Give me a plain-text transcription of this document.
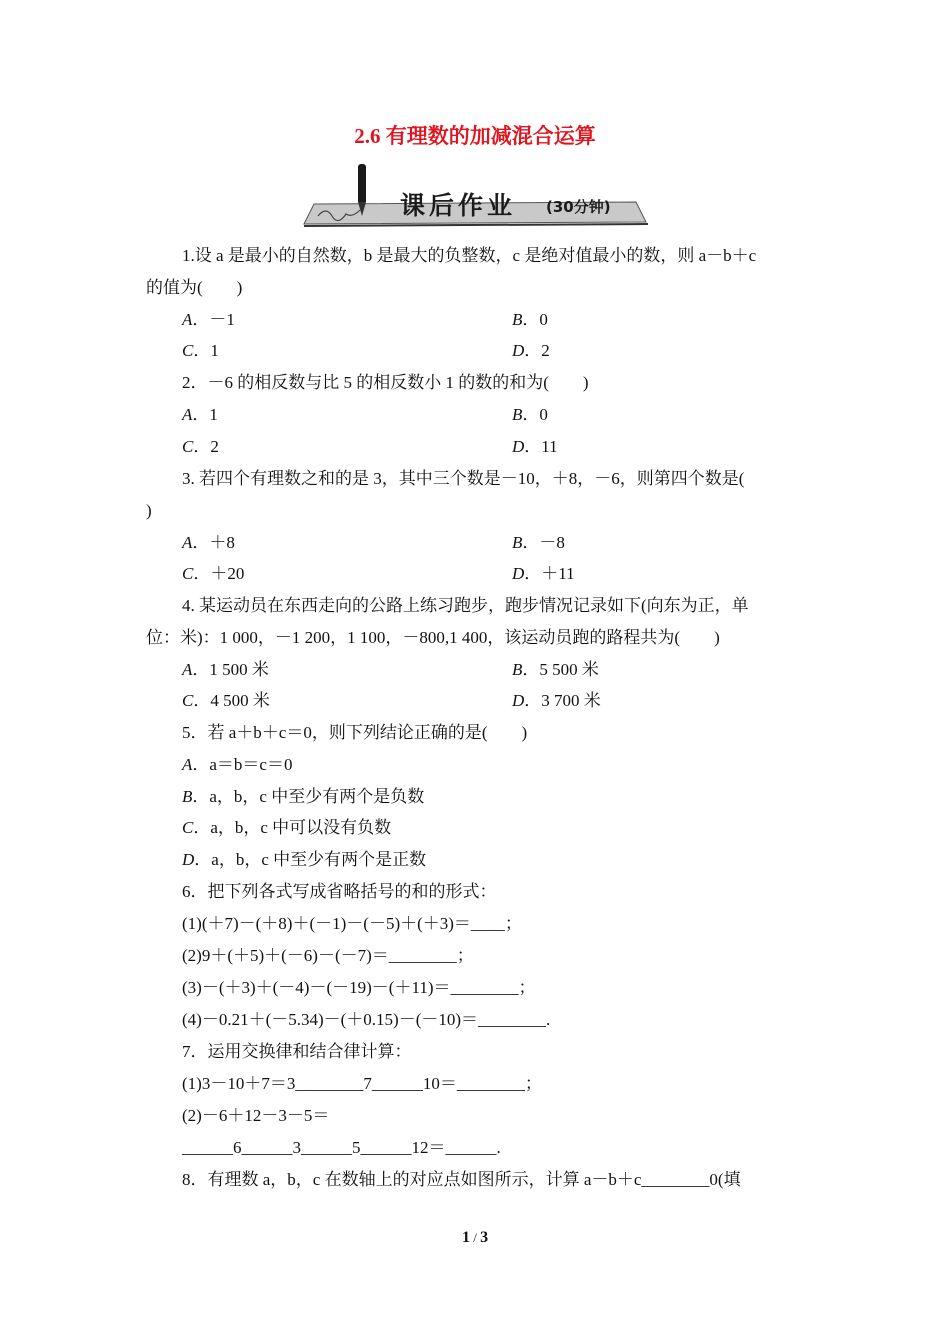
2.6 有理数的加减混合运算
课后作业 (30分钟)
1.设 a 是最小的自然数，b 是最大的负整数，c 是绝对值最小的数，则 a－b＋c
的值为(　　)
A．－1	B．0
C．1	D．2
2．－6 的相反数与比 5 的相反数小 1 的数的和为(　　)
A．1	B．0
C．2	D．11
3. 若四个有理数之和的是 3，其中三个数是－10，＋8，－6，则第四个数是(
)
A．＋8	B．－8
C．＋20	D．＋11
4. 某运动员在东西走向的公路上练习跑步，跑步情况记录如下(向东为正，单
位：米)：1 000，－1 200，1 100，－800,1 400，该运动员跑的路程共为(　　)
A．1 500 米	B．5 500 米
C．4 500 米	D．3 700 米
5．若 a＋b＋c＝0，则下列结论正确的是(　　)
A．a＝b＝c＝0
B．a，b，c 中至少有两个是负数
C．a，b，c 中可以没有负数
D．a，b，c 中至少有两个是正数
6．把下列各式写成省略括号的和的形式：
(1)(＋7)－(＋8)＋(－1)－(－5)＋(＋3)＝____；
(2)9＋(＋5)＋(－6)－(－7)＝________；
(3)－(＋3)＋(－4)－(－19)－(＋11)＝________；
(4)－0.21＋(－5.34)－(＋0.15)－(－10)＝________.
7．运用交换律和结合律计算：
(1)3－10＋7＝3________7______10＝________；
(2)－6＋12－3－5＝
______6______3______5______12＝______.
8．有理数 a，b，c 在数轴上的对应点如图所示，计算 a－b＋c________0(填
1 / 3
